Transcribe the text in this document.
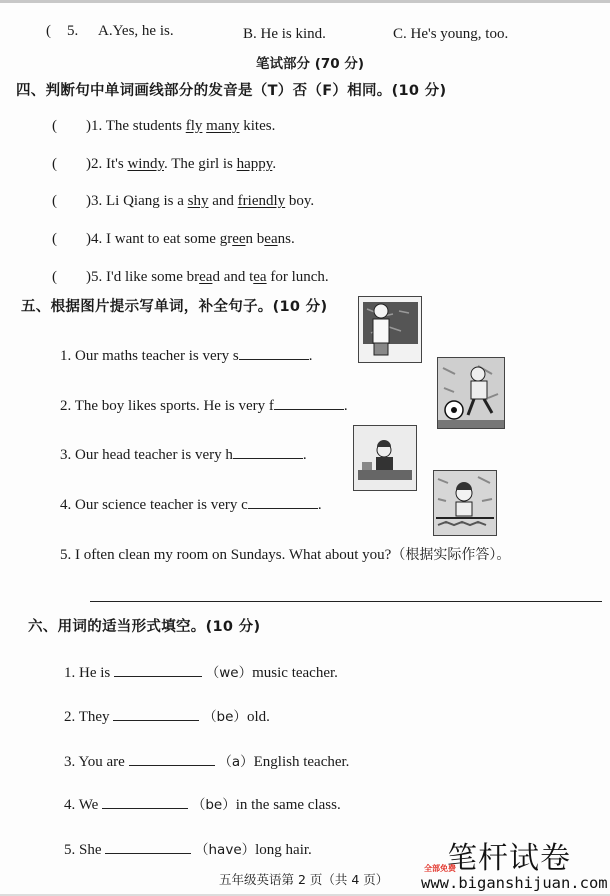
( 5. A.Yes, he is.	B. He is kind.	C. He's young, too.
笔试部分 (70 分)
四、判断句中单词画线部分的发音是（T）否（F）相同。(10 分)
( )1. The students fly many kites.
( )2. It's windy. The girl is happy.
( )3. Li Qiang is a shy and friendly boy.
( )4. I want to eat some green beans.
( )5. I'd like some bread and tea for lunch.
五、根据图片提示写单词，补全句子。(10 分)
1. Our maths teacher is very s	.
2. The boy likes sports. He is very f	.
3. Our head teacher is very h	.
4. Our science teacher is very c	.
5. I often clean my room on Sundays. What about you?（根据实际作答）。
六、用词的适当形式填空。(10 分)
1. He is	（we）music teacher.
2. They	（be）old.
3. You are	（a）English teacher.
4. We	（be）in the same class.
5. She	（have）long hair.
五年级英语第 2 页（共 4 页）
笔杆试卷
全部免费
www.biganshijuan.com
